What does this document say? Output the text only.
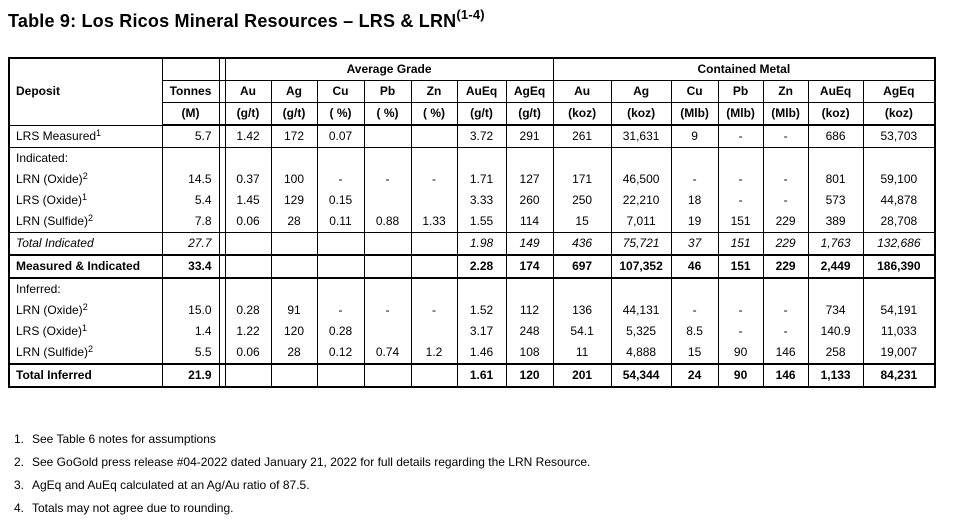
Table 9: Los Ricos Mineral Resources – LRS & LRN$^{(1-4)}$
Deposit			Average Grade							Contained Metal						
	Tonnes		Au	Ag	Cu	Pb	Zn	AuEq	AgEq	Au	Ag	Cu	Pb	Zn	AuEq	AgEq
	(M)		(g/t)	(g/t)	( %)	( %)	( %)	(g/t)	(g/t)	(koz)	(koz)	(Mlb)	(Mlb)	(Mlb)	(koz)	(koz)
LRS Measured$^1$	5.7		1.42	172	0.07			3.72	291	261	31,631	9	-	-	686	53,703
Indicated:																
LRN (Oxide)$^2$	14.5		0.37	100	-	-	-	1.71	127	171	46,500	-	-	-	801	59,100
LRS (Oxide)$^1$	5.4		1.45	129	0.15			3.33	260	250	22,210	18	-	-	573	44,878
LRN (Sulfide)$^2$	7.8		0.06	28	0.11	0.88	1.33	1.55	114	15	7,011	19	151	229	389	28,708
Total Indicated	27.7							1.98	149	436	75,721	37	151	229	1,763	132,686
Measured & Indicated	33.4							2.28	174	697	107,352	46	151	229	2,449	186,390
Inferred:																
LRN (Oxide)$^2$	15.0		0.28	91	-	-	-	1.52	112	136	44,131	-	-	-	734	54,191
LRS (Oxide)$^1$	1.4		1.22	120	0.28			3.17	248	54.1	5,325	8.5	-	-	140.9	11,033
LRN (Sulfide)$^2$	5.5		0.06	28	0.12	0.74	1.2	1.46	108	11	4,888	15	90	146	258	19,007
Total Inferred	21.9							1.61	120	201	54,344	24	90	146	1,133	84,231
1. See Table 6 notes for assumptions
2. See GoGold press release #04-2022 dated January 21, 2022 for full details regarding the LRN Resource.
3. AgEq and AuEq calculated at an Ag/Au ratio of 87.5.
4. Totals may not agree due to rounding.
